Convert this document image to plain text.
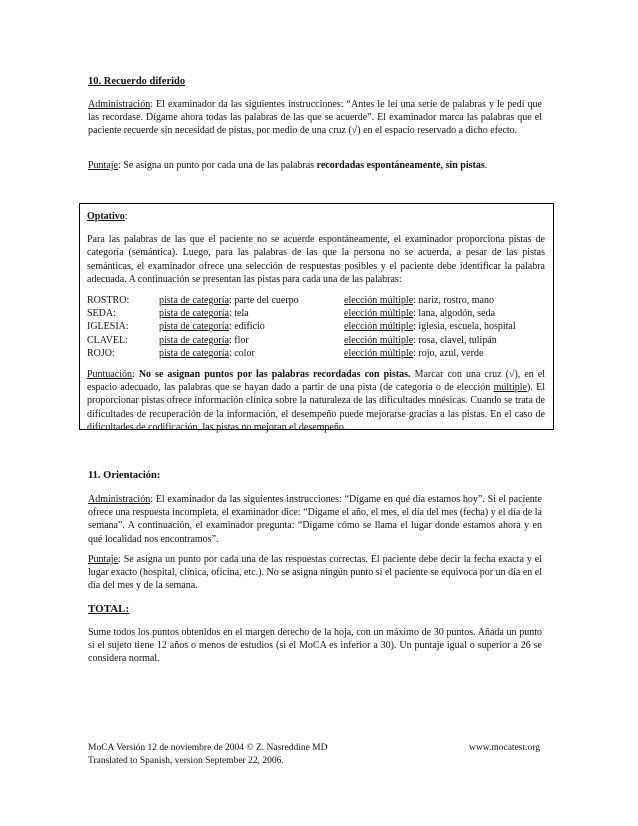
10. Recuerdo diferido

Administración: El examinador da las siguientes instrucciones: “Antes le leí una serie de palabras y le pedí que las recordase. Dígame ahora todas las palabras de las que se acuerde”. El examinador marca las palabras que el paciente recuerde sin necesidad de pistas, por medio de una cruz (√) en el espacio reservado a dicho efecto.

Puntaje: Se asigna un punto por cada una de las palabras recordadas espontáneamente, sin pistas.

Optativo:

Para las palabras de las que el paciente no se acuerde espontáneamente, el examinador proporciona pistas de categoría (semántica). Luego, para las palabras de las que la persona no se acuerda, a pesar de las pistas semánticas, el examinador ofrece una selección de respuestas posibles y el paciente debe identificar la palabra adecuada. A continuación se presentan las pistas para cada una de las palabras:

ROSTRO:	pista de categoría: parte del cuerpo	elección múltiple: nariz, rostro, mano
SEDA:	pista de categoría: tela	elección múltiple: lana, algodón, seda
IGLESIA:	pista de categoría: edificio	elección múltiple: iglesia, escuela, hospital
CLAVEL:	pista de categoría: flor	elección múltiple: rosa, clavel, tulipán
ROJO:	pista de categoría: color	elección múltiple: rojo, azul, verde

Puntuación: No se asignan puntos por las palabras recordadas con pistas. Marcar con una cruz (√), en el espacio adecuado, las palabras que se hayan dado a partir de una pista (de categoría o de elección múltiple). El proporcionar pistas ofrece información clínica sobre la naturaleza de las dificultades mnésicas. Cuando se trata de dificultades de recuperación de la información, el desempeño puede mejorarse gracias a las pistas. En el caso de dificultades de codificación, las pistas no mejoran el desempeño.

11. Orientación:

Administración: El examinador da las siguientes instrucciones: “Dígame en qué día estamos hoy”. Si el paciente ofrece una respuesta incompleta, el examinador dice: “Dígame el año, el mes, el día del mes (fecha) y el día de la semana”. A continuación, el examinador pregunta: “Dígame cómo se llama el lugar donde estamos ahora y en qué localidad nos encontramos”.

Puntaje: Se asigna un punto por cada una de las respuestas correctas. El paciente debe decir la fecha exacta y el lugar exacto (hospital, clínica, oficina, etc.). No se asigna ningún punto si el paciente se equivoca por un día en el día del mes y de la semana.

TOTAL:

Sume todos los puntos obtenidos en el margen derecho de la hoja, con un máximo de 30 puntos. Añada un punto si el sujeto tiene 12 años o menos de estudios (si el MoCA es inferior a 30). Un puntaje igual o superior a 26 se considera normal.

MoCA Versión 12 de noviembre de 2004 © Z. Nasreddine MD	www.mocatest.org
Translated to Spanish, version September 22, 2006.
